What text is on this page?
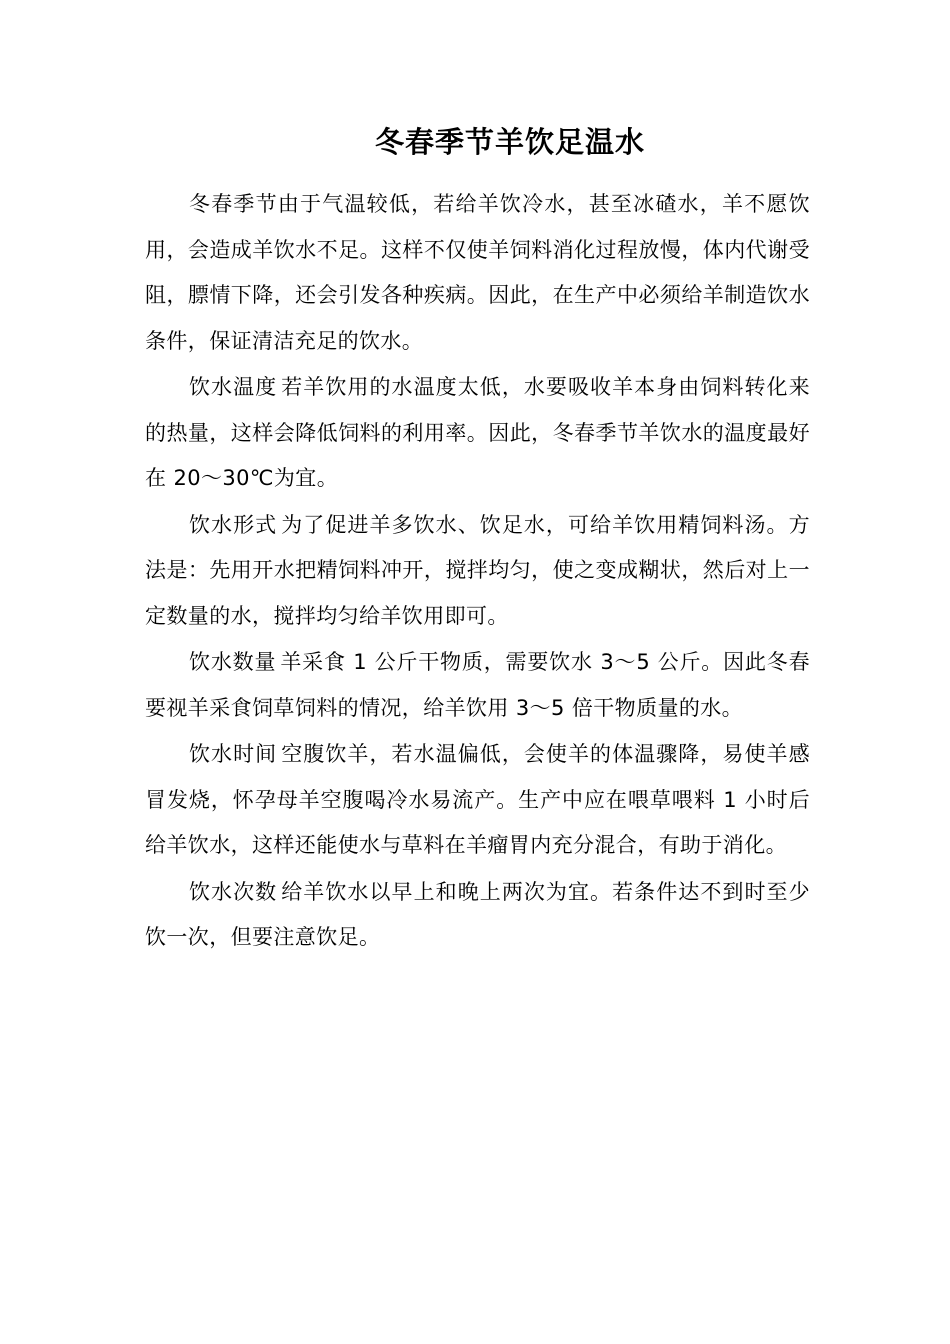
冬春季节羊饮足温水

冬春季节由于气温较低，若给羊饮冷水，甚至冰碴水，羊不愿饮用，会造成羊饮水不足。这样不仅使羊饲料消化过程放慢，体内代谢受阻，膘情下降，还会引发各种疾病。因此，在生产中必须给羊制造饮水条件，保证清洁充足的饮水。

饮水温度 若羊饮用的水温度太低，水要吸收羊本身由饲料转化来的热量，这样会降低饲料的利用率。因此，冬春季节羊饮水的温度最好在 20～30℃为宜。

饮水形式 为了促进羊多饮水、饮足水，可给羊饮用精饲料汤。方法是：先用开水把精饲料冲开，搅拌均匀，使之变成糊状，然后对上一定数量的水，搅拌均匀给羊饮用即可。

饮水数量 羊采食 1 公斤干物质，需要饮水 3～5 公斤。因此冬春要视羊采食饲草饲料的情况，给羊饮用 3～5 倍干物质量的水。

饮水时间 空腹饮羊，若水温偏低，会使羊的体温骤降，易使羊感冒发烧，怀孕母羊空腹喝冷水易流产。生产中应在喂草喂料 1 小时后给羊饮水，这样还能使水与草料在羊瘤胃内充分混合，有助于消化。

饮水次数 给羊饮水以早上和晚上两次为宜。若条件达不到时至少饮一次，但要注意饮足。
